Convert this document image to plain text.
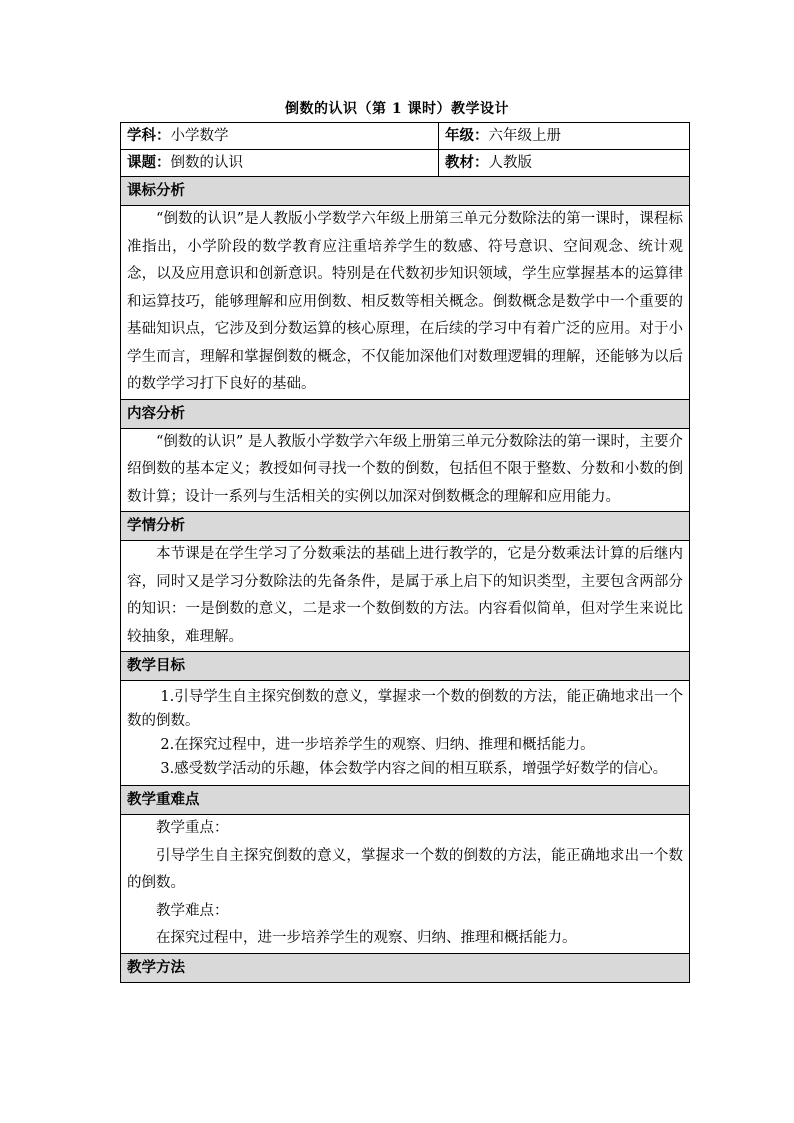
倒数的认识（第 1 课时）教学设计
学科：小学数学	年级：六年级上册
课题：倒数的认识	教材：人教版
课标分析	

“倒数的认识”是人教版小学数学六年级上册第三单元分数除法的第一课时，课程标准指出，小学阶段的数学教育应注重培养学生的数感、符号意识、空间观念、统计观念，以及应用意识和创新意识。特别是在代数初步知识领域，学生应掌握基本的运算律和运算技巧，能够理解和应用倒数、相反数等相关概念。倒数概念是数学中一个重要的基础知识点，它涉及到分数运算的核心原理，在后续的学习中有着广泛的应用。对于小学生而言，理解和掌握倒数的概念，不仅能加深他们对数理逻辑的理解，还能够为以后的数学学习打下良好的基础。	

内容分析	

“倒数的认识” 是人教版小学数学六年级上册第三单元分数除法的第一课时，主要介绍倒数的基本定义；教授如何寻找一个数的倒数，包括但不限于整数、分数和小数的倒数计算；设计一系列与生活相关的实例以加深对倒数概念的理解和应用能力。	

学情分析	

本节课是在学生学习了分数乘法的基础上进行教学的，它是分数乘法计算的后继内容，同时又是学习分数除法的先备条件，是属于承上启下的知识类型，主要包含两部分的知识：一是倒数的意义，二是求一个数倒数的方法。内容看似简单，但对学生来说比较抽象，难理解。	

教学目标	

1.引导学生自主探究倒数的意义，掌握求一个数的倒数的方法，能正确地求出一个数的倒数。

2.在探究过程中，进一步培养学生的观察、归纳、推理和概括能力。

3.感受数学活动的乐趣，体会数学内容之间的相互联系，增强学好数学的信心。	

教学重难点	

教学重点：

引导学生自主探究倒数的意义，掌握求一个数的倒数的方法，能正确地求出一个数的倒数。

教学难点：

在探究过程中，进一步培养学生的观察、归纳、推理和概括能力。	

教学方法	
